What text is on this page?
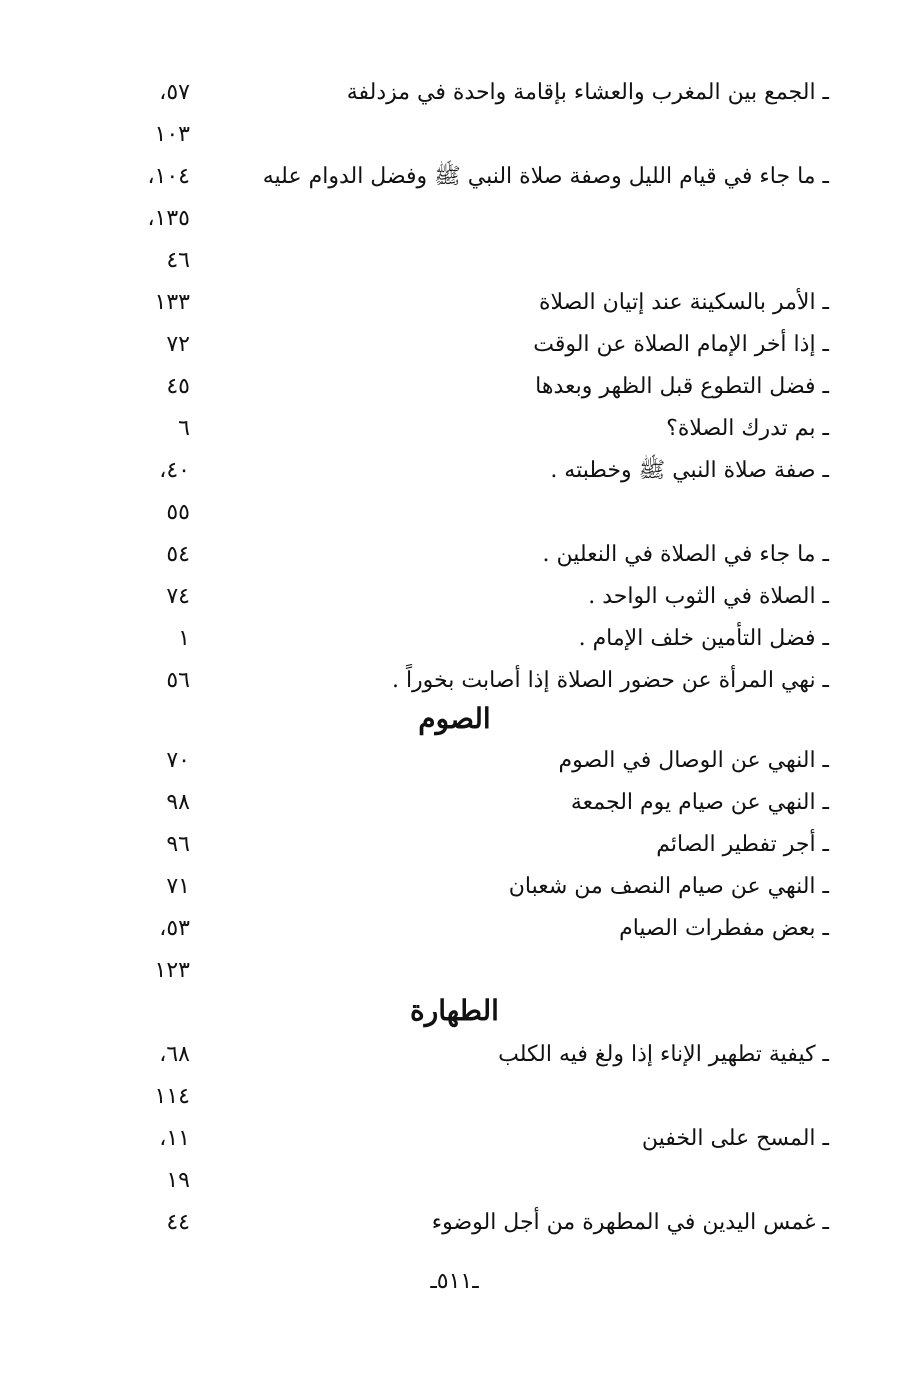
ـ الجمع بين المغرب والعشاء بإقامة واحدة في مزدلفة
٥٧،
١٠٣
ـ ما جاء في قيام الليل وصفة صلاة النبي ﷺ وفضل الدوام عليه
١٠٤،
١٣٥،
٤٦
ـ الأمر بالسكينة عند إتيان الصلاة
١٣٣
ـ إذا أخر الإمام الصلاة عن الوقت
٧٢
ـ فضل التطوع قبل الظهر وبعدها
٤٥
ـ بم تدرك الصلاة؟
٦
ـ صفة صلاة النبي ﷺ وخطبته .
٤٠،
٥٥
ـ ما جاء في الصلاة في النعلين .
٥٤
ـ الصلاة في الثوب الواحد .
٧٤
ـ فضل التأمين خلف الإمام .
١
ـ نهي المرأة عن حضور الصلاة إذا أصابت بخوراً .
٥٦
الصوم
ـ النهي عن الوصال في الصوم
٧٠
ـ النهي عن صيام يوم الجمعة
٩٨
ـ أجر تفطير الصائم
٩٦
ـ النهي عن صيام النصف من شعبان
٧١
ـ بعض مفطرات الصيام
٥٣،
١٢٣
الطهارة
ـ كيفية تطهير الإناء إذا ولغ فيه الكلب
٦٨،
١١٤
ـ المسح على الخفين
١١،
١٩
ـ غمس اليدين في المطهرة من أجل الوضوء
٤٤
ـ٥١١ـ
